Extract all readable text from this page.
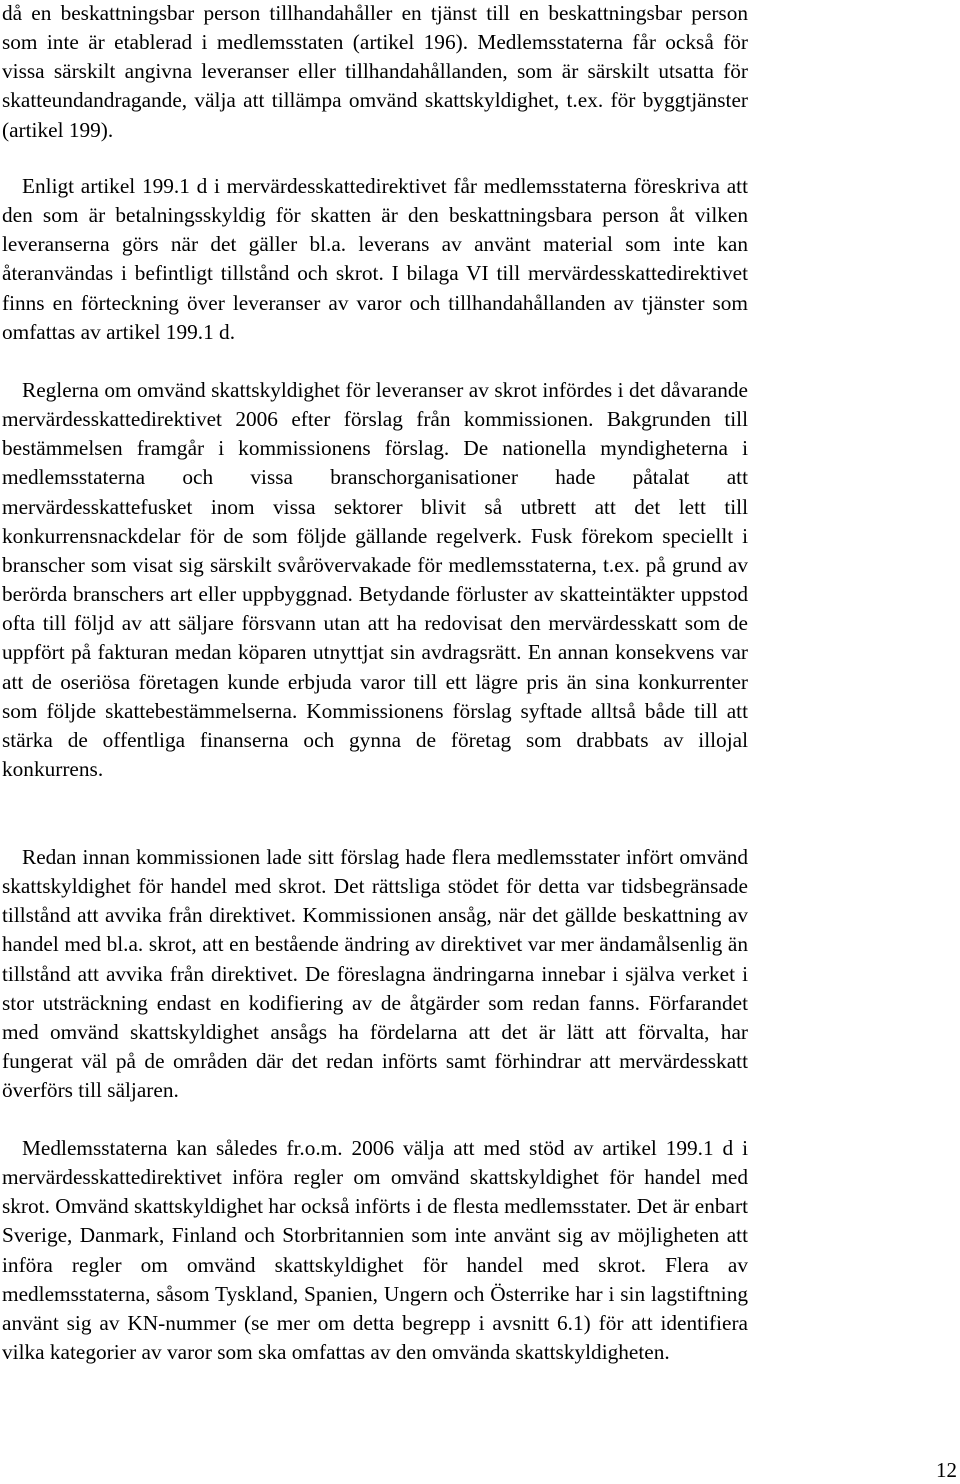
då en beskattningsbar person tillhandahåller en tjänst till en beskattningsbar person som inte är etablerad i medlemsstaten (artikel 196). Medlemsstaterna får också för vissa särskilt angivna leveranser eller tillhandahållanden, som är särskilt utsatta för skatteundandragande, välja att tillämpa omvänd skattskyldighet, t.ex. för byggtjänster (artikel 199).

Enligt artikel 199.1 d i mervärdesskattedirektivet får medlemsstaterna föreskriva att den som är betalningsskyldig för skatten är den beskattningsbara person åt vilken leveranserna görs när det gäller bl.a. leverans av använt material som inte kan återanvändas i befintligt tillstånd och skrot. I bilaga VI till mervärdesskattedirektivet finns en förteckning över leveranser av varor och tillhandahållanden av tjänster som omfattas av artikel 199.1 d.

Reglerna om omvänd skattskyldighet för leveranser av skrot infördes i det dåvarande mervärdesskattedirektivet 2006 efter förslag från kommissionen. Bakgrunden till bestämmelsen framgår i kommissionens förslag. De nationella myndigheterna i medlemsstaterna och vissa branschorganisationer hade påtalat att mervärdesskattefusket inom vissa sektorer blivit så utbrett att det lett till konkurrensnackdelar för de som följde gällande regelverk. Fusk förekom speciellt i branscher som visat sig särskilt svårövervakade för medlemsstaterna, t.ex. på grund av berörda branschers art eller uppbyggnad. Betydande förluster av skatteintäkter uppstod ofta till följd av att säljare försvann utan att ha redovisat den mervärdesskatt som de uppfört på fakturan medan köparen utnyttjat sin avdragsrätt. En annan konsekvens var att de oseriösa företagen kunde erbjuda varor till ett lägre pris än sina konkurrenter som följde skattebestämmelserna. Kommissionens förslag syftade alltså både till att stärka de offentliga finanserna och gynna de företag som drabbats av illojal konkurrens.

Redan innan kommissionen lade sitt förslag hade flera medlemsstater infört omvänd skattskyldighet för handel med skrot. Det rättsliga stödet för detta var tidsbegränsade tillstånd att avvika från direktivet. Kommissionen ansåg, när det gällde beskattning av handel med bl.a. skrot, att en bestående ändring av direktivet var mer ändamålsenlig än tillstånd att avvika från direktivet. De föreslagna ändringarna innebar i själva verket i stor utsträckning endast en kodifiering av de åtgärder som redan fanns. Förfarandet med omvänd skattskyldighet ansågs ha fördelarna att det är lätt att förvalta, har fungerat väl på de områden där det redan införts samt förhindrar att mervärdesskatt överförs till säljaren.

Medlemsstaterna kan således fr.o.m. 2006 välja att med stöd av artikel 199.1 d i mervärdesskattedirektivet införa regler om omvänd skattskyldighet för handel med skrot. Omvänd skattskyldighet har också införts i de flesta medlemsstater. Det är enbart Sverige, Danmark, Finland och Storbritannien som inte använt sig av möjligheten att införa regler om omvänd skattskyldighet för handel med skrot. Flera av medlemsstaterna, såsom Tyskland, Spanien, Ungern och Österrike har i sin lagstiftning använt sig av KN-nummer (se mer om detta begrepp i avsnitt 6.1) för att identifiera vilka kategorier av varor som ska omfattas av den omvända skattskyldigheten.

12
